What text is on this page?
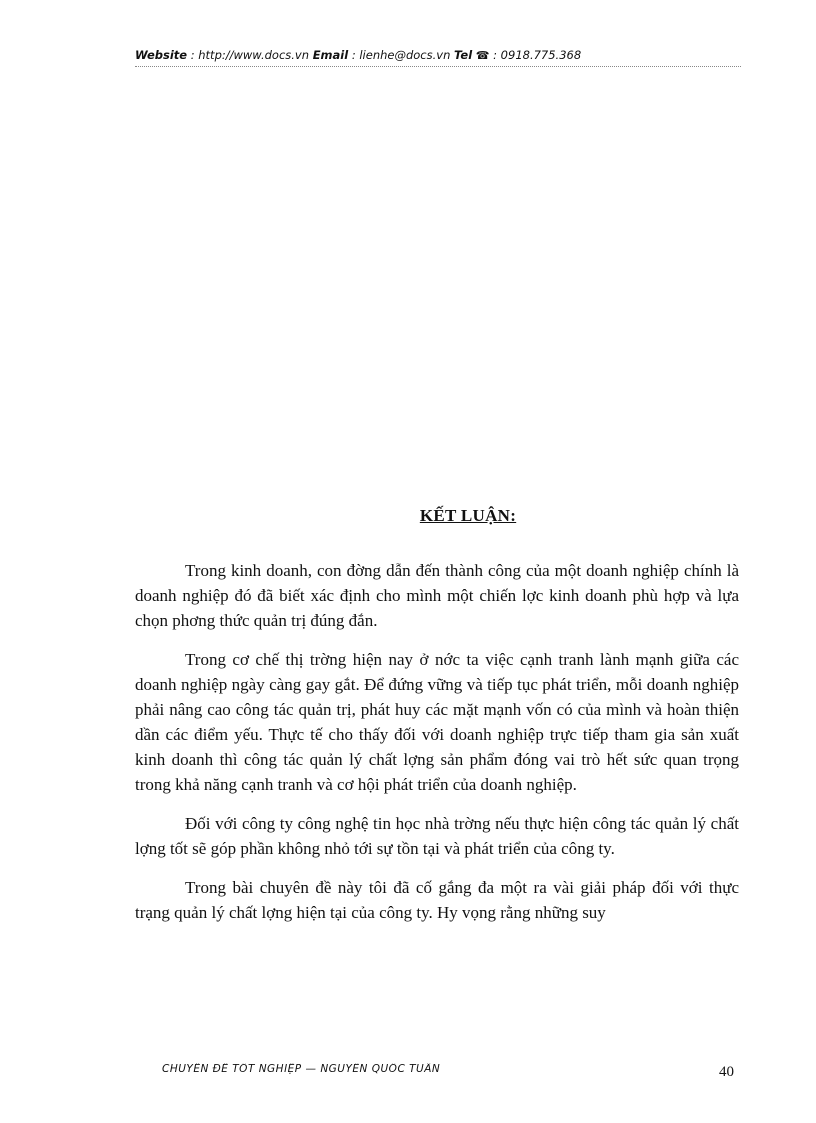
Website : http://www.docs.vn Email : lienhe@docs.vn Tel ☎ : 0918.775.368
KẾT LUẬN:

Trong kinh doanh, con đờng dẫn đến thành công của một doanh nghiệp chính là doanh nghiệp đó đã biết xác định cho mình một chiến lợc kinh doanh phù hợp và lựa chọn phơng thức quản trị đúng đắn.

Trong cơ chế thị trờng hiện nay ở nớc ta việc cạnh tranh lành mạnh giữa các doanh nghiệp ngày càng gay gắt. Để đứng vững và tiếp tục phát triển, mỗi doanh nghiệp phải nâng cao công tác quản trị, phát huy các mặt mạnh vốn có của mình và hoàn thiện dần các điểm yếu. Thực tế cho thấy đối với doanh nghiệp trực tiếp tham gia sản xuất kinh doanh thì công tác quản lý chất lợng sản phẩm đóng vai trò hết sức quan trọng trong khả năng cạnh tranh và cơ hội phát triển của doanh nghiệp.

Đối với công ty công nghệ tin học nhà trờng nếu thực hiện công tác quản lý chất lợng tốt sẽ góp phần không nhỏ tới sự tồn tại và phát triển của công ty.

Trong bài chuyên đề này tôi đã cố gắng đa một ra vài giải pháp đối với thực trạng quản lý chất lợng hiện tại của công ty. Hy vọng rằng những suy

CHUYÊN ĐỀ TỐT NGHIỆP — NGUYỄN QUỐC TUẤN	40
